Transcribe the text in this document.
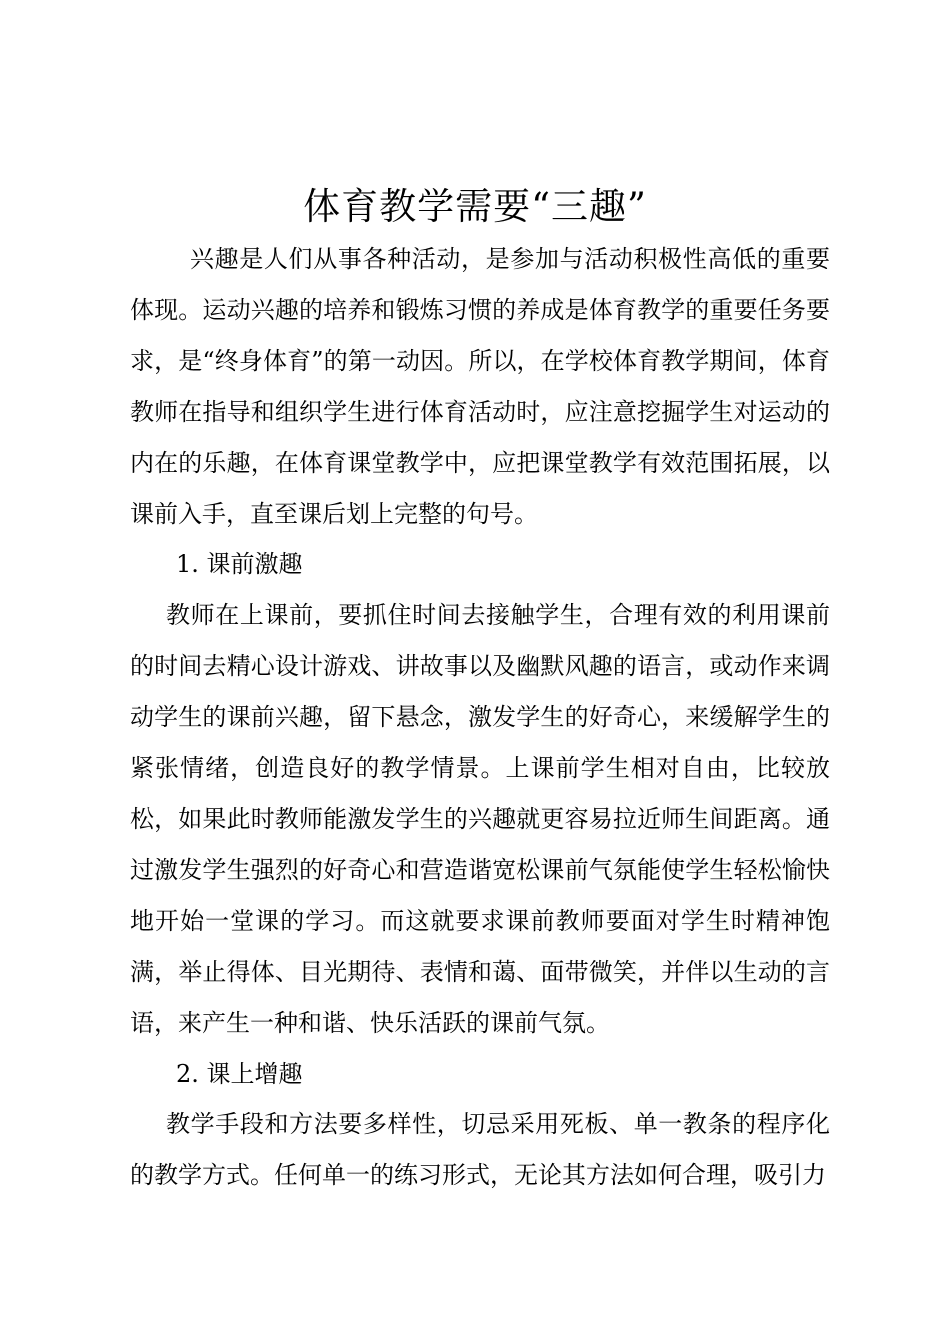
体育教学需要“三趣”

兴趣是人们从事各种活动，是参加与活动积极性高低的重要体现。运动兴趣的培养和锻炼习惯的养成是体育教学的重要任务要求，是“终身体育”的第一动因。所以，在学校体育教学期间，体育教师在指导和组织学生进行体育活动时，应注意挖掘学生对运动的内在的乐趣，在体育课堂教学中，应把课堂教学有效范围拓展，以课前入手，直至课后划上完整的句号。

1. 课前激趣

教师在上课前，要抓住时间去接触学生，合理有效的利用课前的时间去精心设计游戏、讲故事以及幽默风趣的语言，或动作来调动学生的课前兴趣，留下悬念，激发学生的好奇心，来缓解学生的紧张情绪，创造良好的教学情景。上课前学生相对自由，比较放松，如果此时教师能激发学生的兴趣就更容易拉近师生间距离。通过激发学生强烈的好奇心和营造谐宽松课前气氛能使学生轻松愉快地开始一堂课的学习。而这就要求课前教师要面对学生时精神饱满，举止得体、目光期待、表情和蔼、面带微笑，并伴以生动的言语，来产生一种和谐、快乐活跃的课前气氛。

2. 课上增趣

教学手段和方法要多样性，切忌采用死板、单一教条的程序化的教学方式。任何单一的练习形式，无论其方法如何合理，吸引力
